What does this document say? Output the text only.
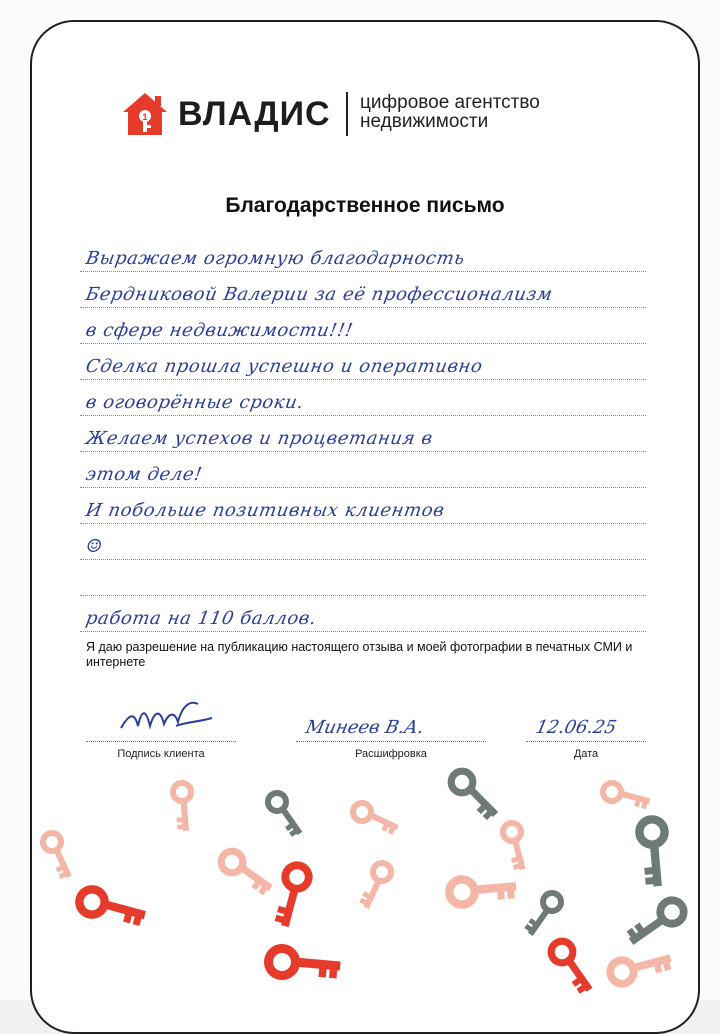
1 ВЛАДИС цифровое агентство
недвижимости
Благодарственное письмо
Выражаем огромную благодарность
Бердниковой Валерии за её профессионализм
в сфере недвижимости!!!
Сделка прошла успешно и оперативно
в оговорённые сроки.
Желаем успехов и процветания в
этом деле!
И побольше позитивных клиентов
☺
работа на 110 баллов.
Я даю разрешение на публикацию настоящего отзыва и моей фотографии в печатных СМИ и интернете
Подпись клиента
Минеев В.А.
Расшифровка
12.06.25
Дата
